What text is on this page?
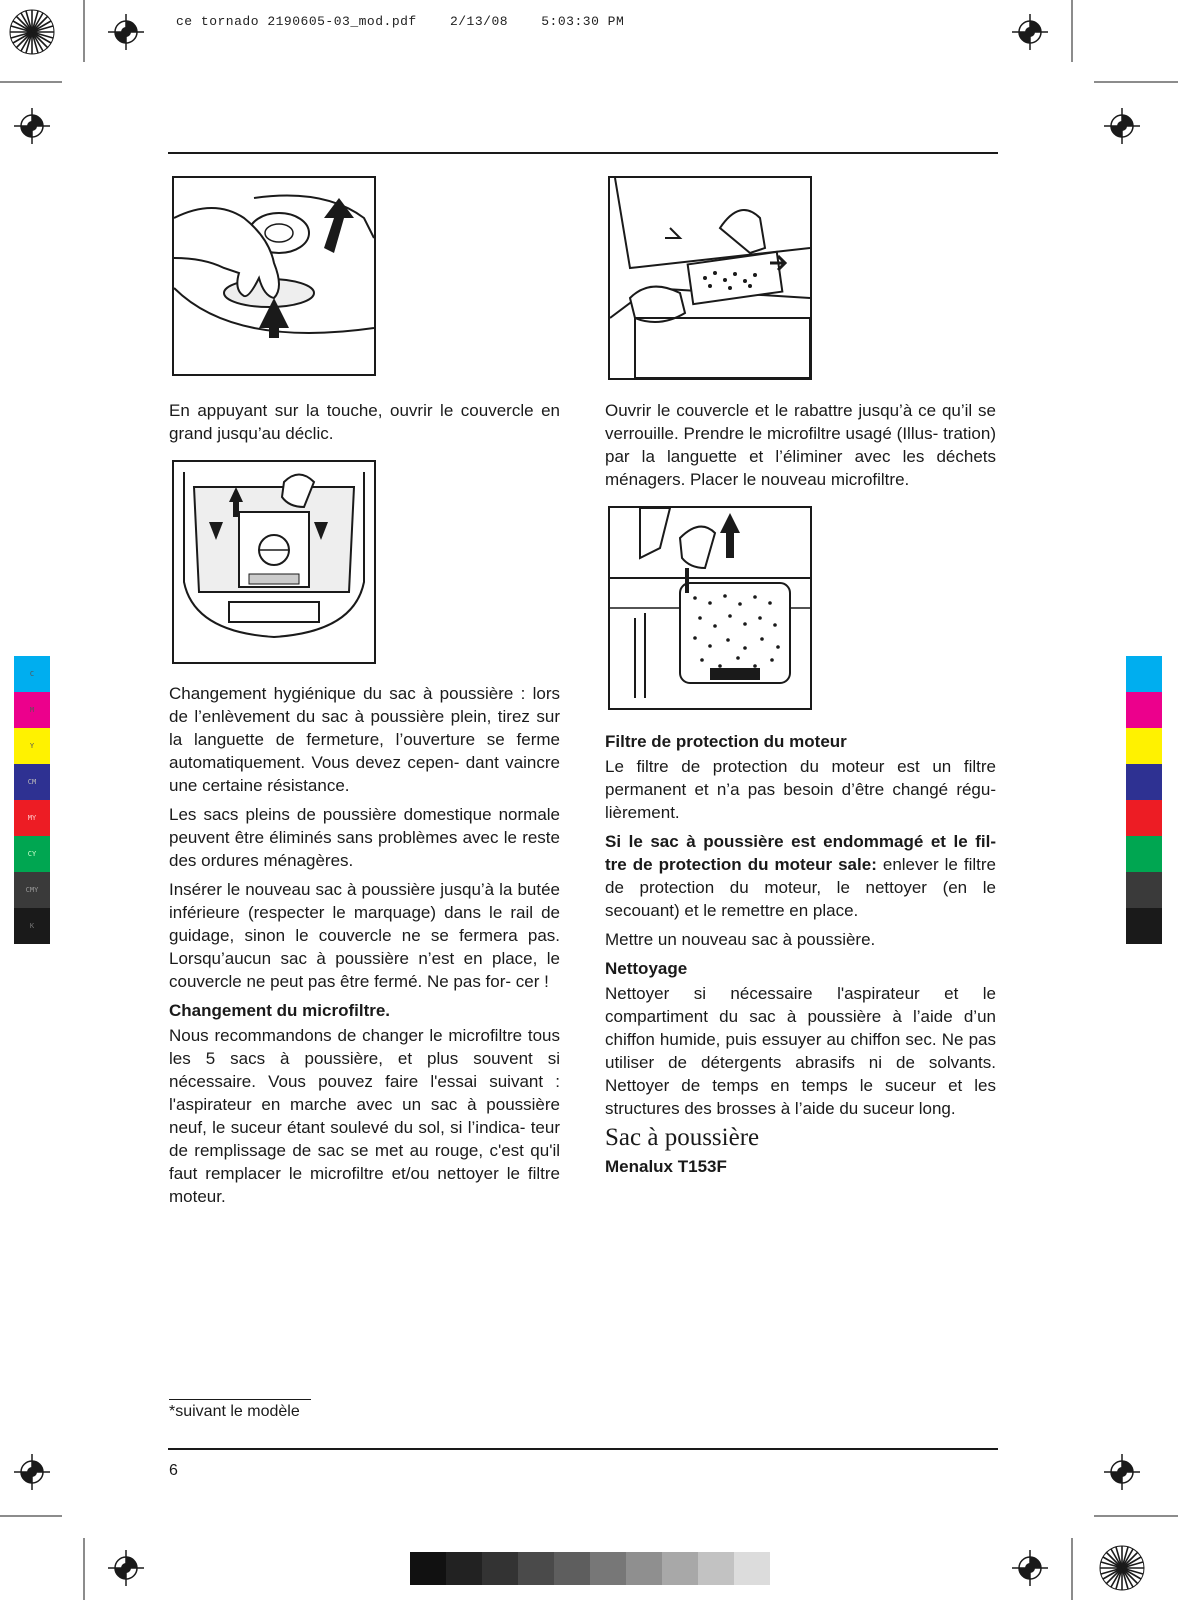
ce tornado 2190605-03_mod.pdf    2/13/08    5:03:30 PM
En appuyant sur la touche, ouvrir le couvercle en grand jusqu’au déclic.

Changement hygiénique du sac à poussière : lors de l’enlèvement du sac à poussière plein, tirez sur la languette de fermeture, l’ouverture se ferme automatiquement. Vous devez cepen- dant vaincre une certaine résistance.

Les sacs pleins de poussière domestique normale peuvent être éliminés sans problèmes avec le reste des ordures ménagères.

Insérer le nouveau sac à poussière jusqu’à la butée inférieure (respecter le marquage) dans le rail de guidage, sinon le couvercle ne se fermera pas. Lorsqu’aucun sac à poussière n’est en place, le couvercle ne peut pas être fermé. Ne pas for- cer !

Changement du microfiltre.

Nous recommandons de changer le microfiltre tous les 5 sacs à poussière, et plus souvent si nécessaire. Vous pouvez faire l'essai suivant : l'aspirateur en marche avec un sac à poussière neuf, le suceur étant soulevé du sol, si l’indica- teur de remplissage de sac se met au rouge, c'est qu'il faut remplacer le microfiltre et/ou nettoyer le filtre moteur.

Ouvrir le couvercle et le rabattre jusqu’à ce qu’il se verrouille. Prendre le microfiltre usagé (Illus- tration) par la languette et l’éliminer avec les déchets ménagers. Placer le nouveau microfiltre.

Filtre de protection du moteur

Le filtre de protection du moteur est un filtre permanent et n’a pas besoin d’être changé régu- lièrement.

Si le sac à poussière est endommagé et le fil- tre de protection du moteur sale: enlever le filtre de protection du moteur, le nettoyer (en le secouant) et le remettre en place.

Mettre un nouveau sac à poussière.

Nettoyage

Nettoyer si nécessaire l'aspirateur et le compartiment du sac à poussière à l’aide d’un chiffon humide, puis essuyer au chiffon sec. Ne pas utiliser de détergents abrasifs ni de solvants. Nettoyer de temps en temps le suceur et les structures des brosses à l’aide du suceur long.

Sac à poussière

Menalux T153F

*suivant le modèle
6
C
M
Y
CM
MY
CY
CMY
K
